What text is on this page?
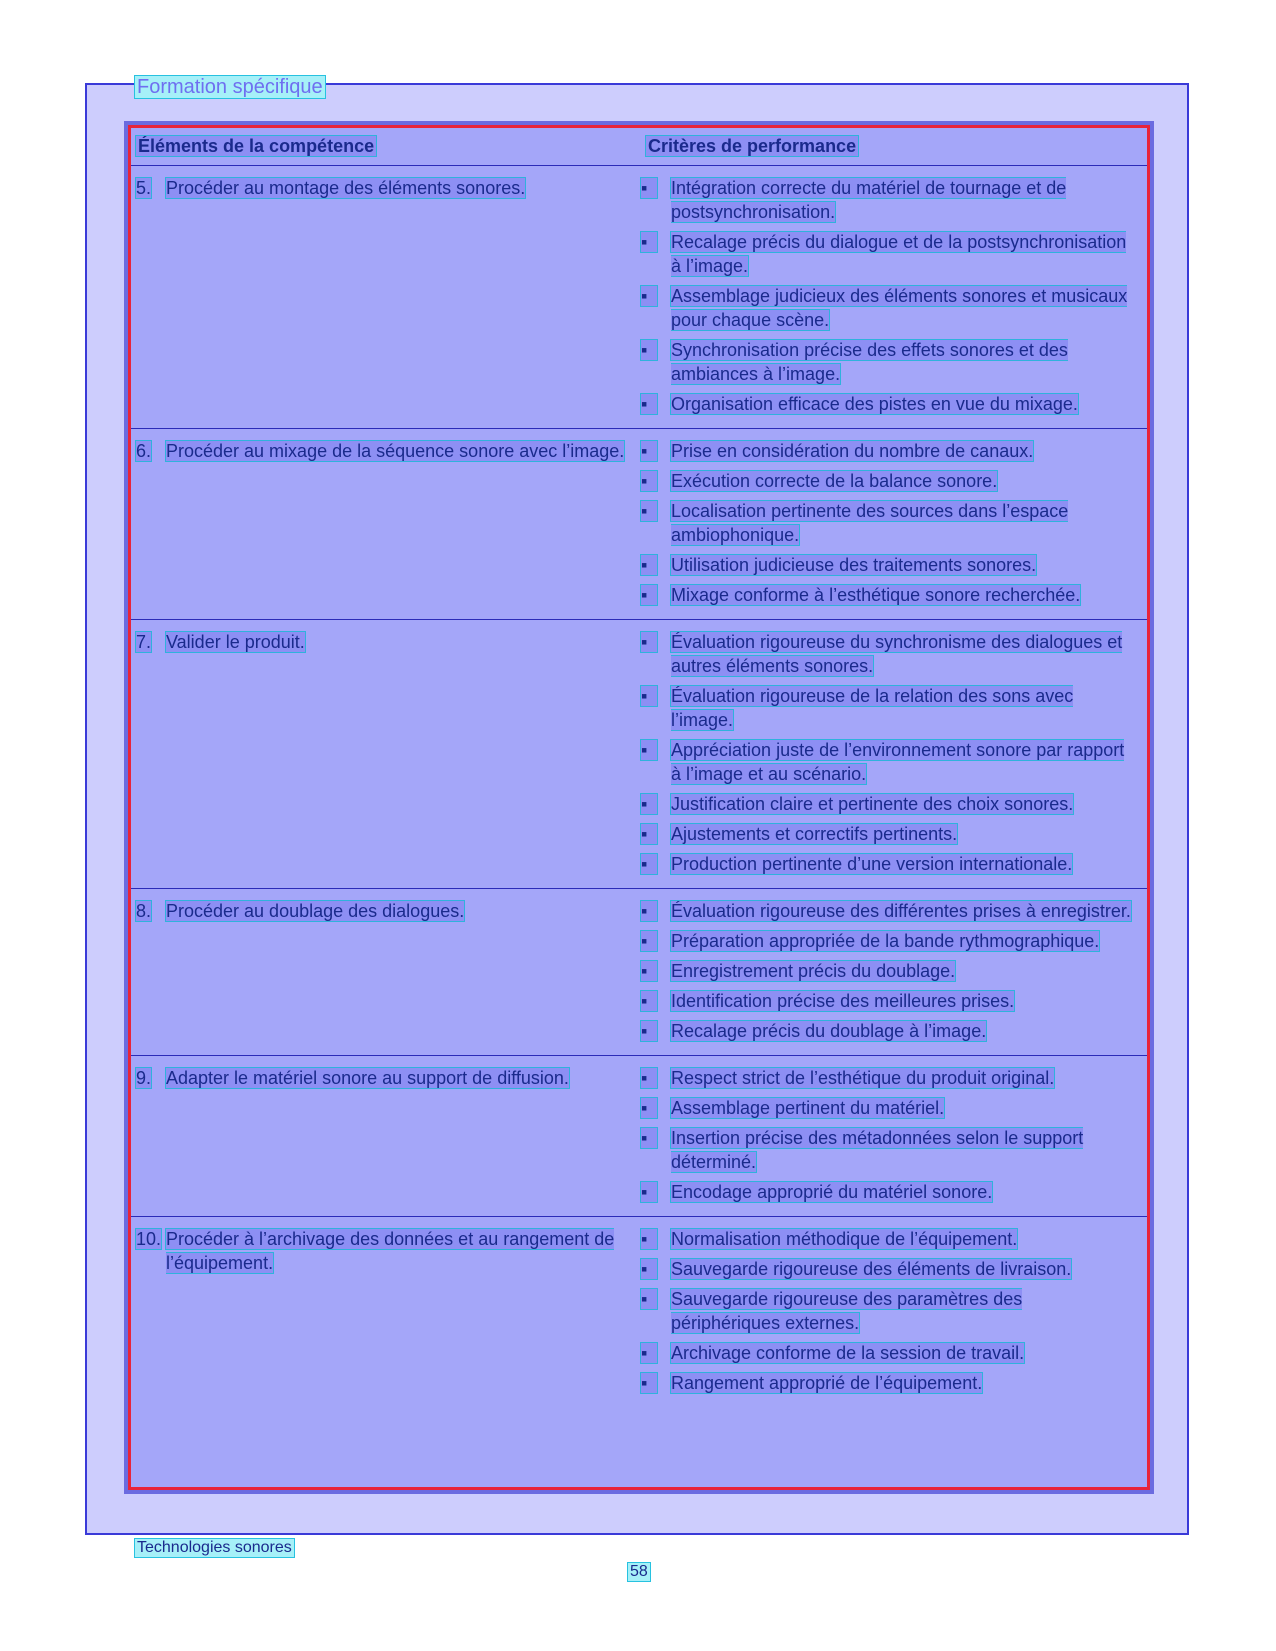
Formation spécifique
Éléments de la compétence	Critères de performance
5. Procéder au montage des éléments sonores.	▪	Intégration correcte du matériel de tournage et de postsynchronisation.
▪	Recalage précis du dialogue et de la postsynchronisation à l’image.
▪	Assemblage judicieux des éléments sonores et musicaux pour chaque scène.
▪	Synchronisation précise des effets sonores et des ambiances à l’image.
▪	Organisation efficace des pistes en vue du mixage.
6. Procéder au mixage de la séquence sonore avec l’image. ▪	Prise en considération du nombre de canaux.
▪	Exécution correcte de la balance sonore.
▪	Localisation pertinente des sources dans l’espace ambiophonique.
▪	Utilisation judicieuse des traitements sonores.
▪	Mixage conforme à l’esthétique sonore recherchée.
7. Valider le produit.	▪	Évaluation rigoureuse du synchronisme des dialogues et autres éléments sonores.
▪	Évaluation rigoureuse de la relation des sons avec l’image.
▪	Appréciation juste de l’environnement sonore par rapport à l’image et au scénario.
▪	Justification claire et pertinente des choix sonores.
▪	Ajustements et correctifs pertinents.
▪	Production pertinente d’une version internationale.
8. Procéder au doublage des dialogues.	▪	Évaluation rigoureuse des différentes prises à enregistrer.
▪	Préparation appropriée de la bande rythmographique.
▪	Enregistrement précis du doublage.
▪	Identification précise des meilleures prises.
▪	Recalage précis du doublage à l’image.
9. Adapter le matériel sonore au support de diffusion.	▪	Respect strict de l’esthétique du produit original.
▪	Assemblage pertinent du matériel.
▪	Insertion précise des métadonnées selon le support déterminé.
▪	Encodage approprié du matériel sonore.
10. Procéder à l’archivage des données et au rangement de l’équipement.
▪	Normalisation méthodique de l’équipement.
▪	Sauvegarde rigoureuse des éléments de livraison.
▪	Sauvegarde rigoureuse des paramètres des périphériques externes.
▪	Archivage conforme de la session de travail.
▪	Rangement approprié de l’équipement.
Technologies sonores
58
